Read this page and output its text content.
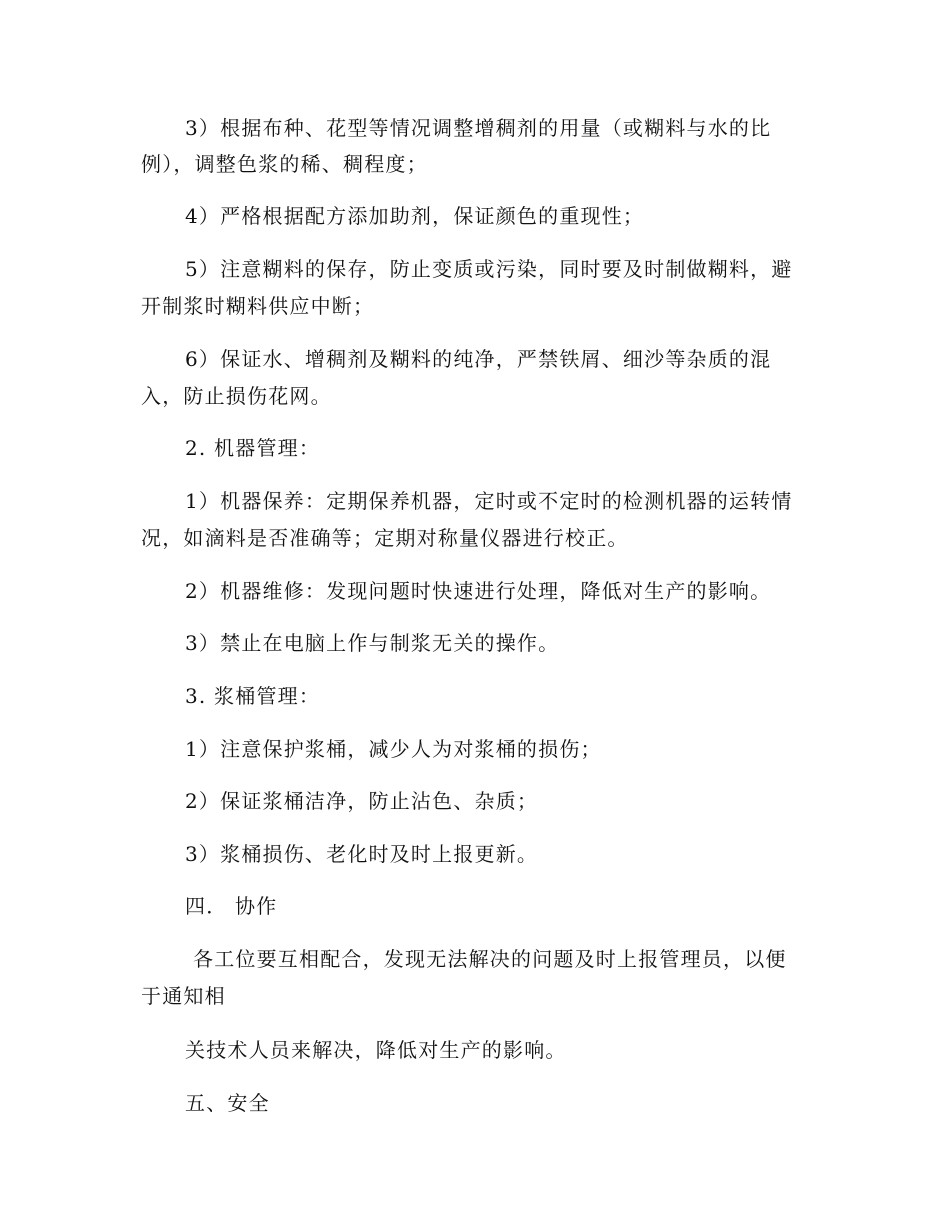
3）根据布种、花型等情况调整增稠剂的用量（或糊料与水的比
例），调整色浆的稀、稠程度；
4）严格根据配方添加助剂，保证颜色的重现性；
5）注意糊料的保存，防止变质或污染，同时要及时制做糊料，避
开制浆时糊料供应中断；
6）保证水、增稠剂及糊料的纯净，严禁铁屑、细沙等杂质的混
入，防止损伤花网。
2. 机器管理：
1）机器保养：定期保养机器，定时或不定时的检测机器的运转情
况，如滴料是否准确等；定期对称量仪器进行校正。
2）机器维修：发现问题时快速进行处理，降低对生产的影响。
3）禁止在电脑上作与制浆无关的操作。
3. 浆桶管理：
1）注意保护浆桶，减少人为对浆桶的损伤；
2）保证浆桶洁净，防止沾色、杂质；
3）浆桶损伤、老化时及时上报更新。
四． 协作
各工位要互相配合，发现无法解决的问题及时上报管理员，以便
于通知相
关技术人员来解决，降低对生产的影响。
五、安全
